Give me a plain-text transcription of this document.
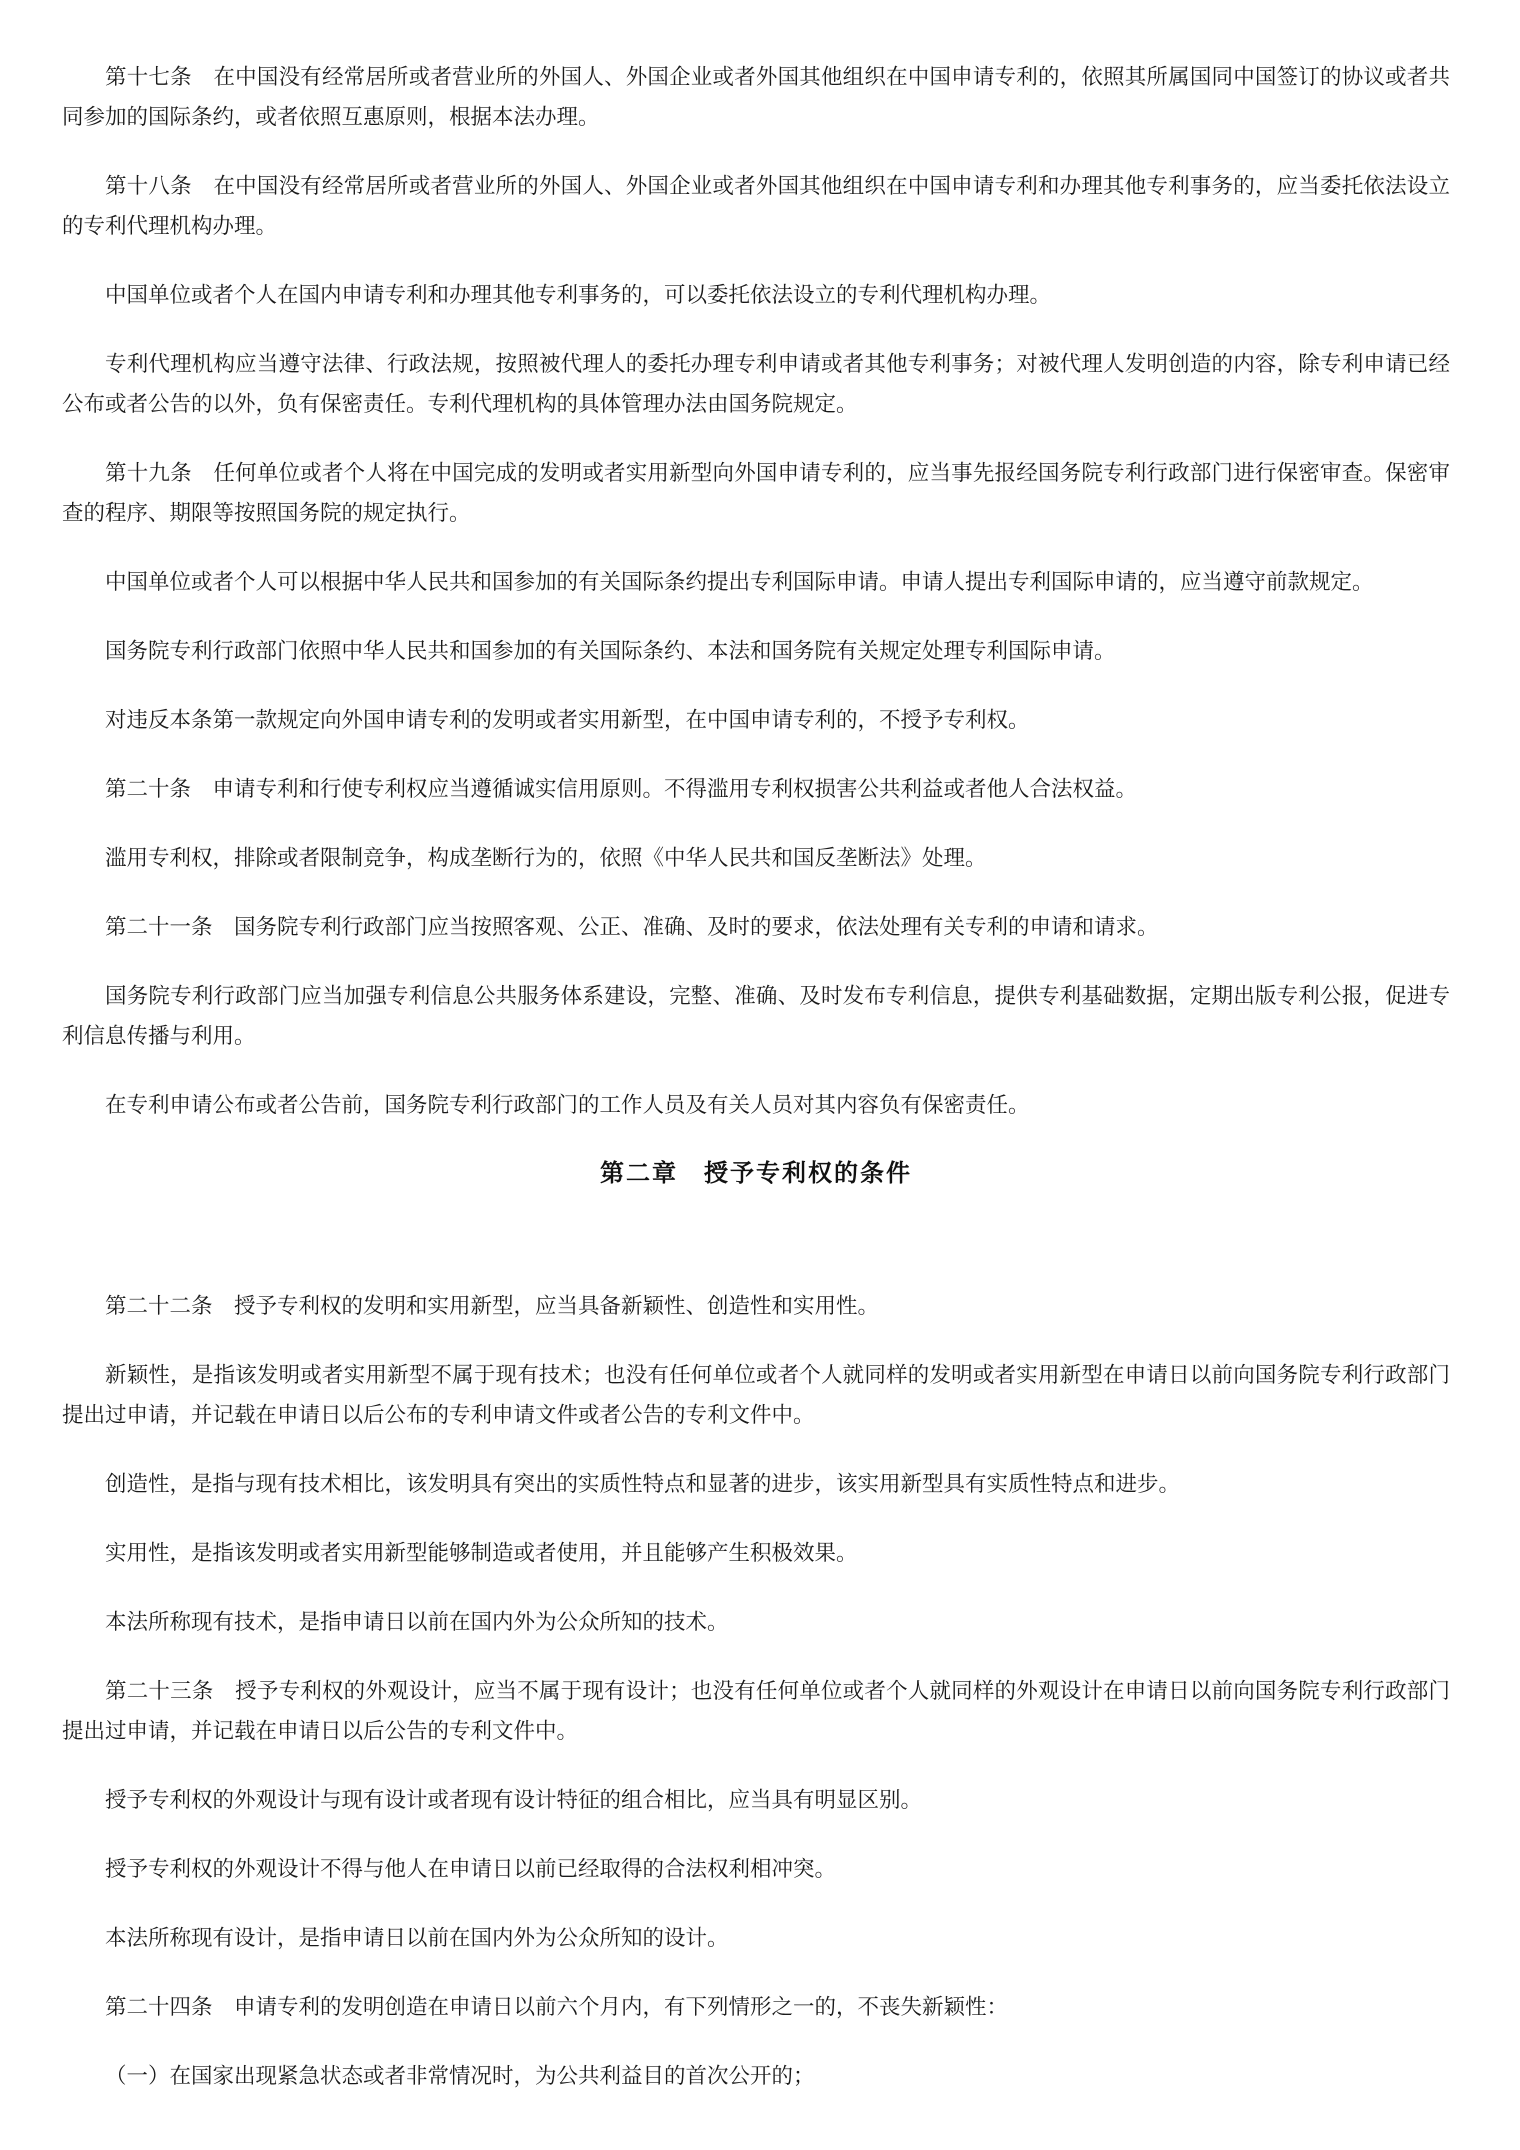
第十七条　在中国没有经常居所或者营业所的外国人、外国企业或者外国其他组织在中国申请专利的，依照其所属国同中国签订的协议或者共同参加的国际条约，或者依照互惠原则，根据本法办理。

第十八条　在中国没有经常居所或者营业所的外国人、外国企业或者外国其他组织在中国申请专利和办理其他专利事务的，应当委托依法设立的专利代理机构办理。

中国单位或者个人在国内申请专利和办理其他专利事务的，可以委托依法设立的专利代理机构办理。

专利代理机构应当遵守法律、行政法规，按照被代理人的委托办理专利申请或者其他专利事务；对被代理人发明创造的内容，除专利申请已经公布或者公告的以外，负有保密责任。专利代理机构的具体管理办法由国务院规定。

第十九条　任何单位或者个人将在中国完成的发明或者实用新型向外国申请专利的，应当事先报经国务院专利行政部门进行保密审查。保密审查的程序、期限等按照国务院的规定执行。

中国单位或者个人可以根据中华人民共和国参加的有关国际条约提出专利国际申请。申请人提出专利国际申请的，应当遵守前款规定。

国务院专利行政部门依照中华人民共和国参加的有关国际条约、本法和国务院有关规定处理专利国际申请。

对违反本条第一款规定向外国申请专利的发明或者实用新型，在中国申请专利的，不授予专利权。

第二十条　申请专利和行使专利权应当遵循诚实信用原则。不得滥用专利权损害公共利益或者他人合法权益。

滥用专利权，排除或者限制竞争，构成垄断行为的，依照《中华人民共和国反垄断法》处理。

第二十一条　国务院专利行政部门应当按照客观、公正、准确、及时的要求，依法处理有关专利的申请和请求。

国务院专利行政部门应当加强专利信息公共服务体系建设，完整、准确、及时发布专利信息，提供专利基础数据，定期出版专利公报，促进专利信息传播与利用。

在专利申请公布或者公告前，国务院专利行政部门的工作人员及有关人员对其内容负有保密责任。

第二章　授予专利权的条件

第二十二条　授予专利权的发明和实用新型，应当具备新颖性、创造性和实用性。

新颖性，是指该发明或者实用新型不属于现有技术；也没有任何单位或者个人就同样的发明或者实用新型在申请日以前向国务院专利行政部门提出过申请，并记载在申请日以后公布的专利申请文件或者公告的专利文件中。

创造性，是指与现有技术相比，该发明具有突出的实质性特点和显著的进步，该实用新型具有实质性特点和进步。

实用性，是指该发明或者实用新型能够制造或者使用，并且能够产生积极效果。

本法所称现有技术，是指申请日以前在国内外为公众所知的技术。

第二十三条　授予专利权的外观设计，应当不属于现有设计；也没有任何单位或者个人就同样的外观设计在申请日以前向国务院专利行政部门提出过申请，并记载在申请日以后公告的专利文件中。

授予专利权的外观设计与现有设计或者现有设计特征的组合相比，应当具有明显区别。

授予专利权的外观设计不得与他人在申请日以前已经取得的合法权利相冲突。

本法所称现有设计，是指申请日以前在国内外为公众所知的设计。

第二十四条　申请专利的发明创造在申请日以前六个月内，有下列情形之一的，不丧失新颖性：

（一）在国家出现紧急状态或者非常情况时，为公共利益目的首次公开的；
